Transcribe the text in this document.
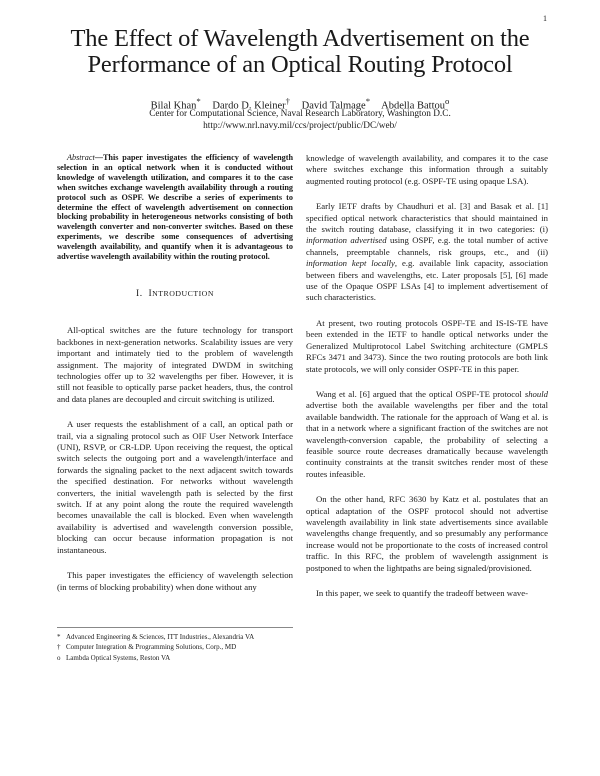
1
The Effect of Wavelength Advertisement on the
Performance of an Optical Routing Protocol
Bilal Khan* Dardo D. Kleiner† David Talmage* Abdella Battou$^o$
Center for Computational Science, Naval Research Laboratory, Washington D.C.
http://www.nrl.navy.mil/ccs/project/public/DC/web/

Abstract—This paper investigates the efficiency of wavelength selection in an optical network when it is conducted without knowledge of wavelength utilization, and compares it to the case when switches exchange wavelength availability through a routing protocol such as OSPF. We describe a series of experiments to determine the effect of wavelength advertisement on connection blocking probability in heterogeneous networks consisting of both wavelength converter and non-converter switches. Based on these experiments, we describe some consequences of advertising wavelength availability, and quantify when it is advantageous to advertise wavelength availability within the routing protocol.

I. INTRODUCTION

All-optical switches are the future technology for transport backbones in next-generation networks. Scalability issues are very important and intimately tied to the problem of wavelength assignment. The majority of integrated DWDM in switching technologies offer up to 32 wavelengths per fiber. However, it is still not feasible to optically parse packet headers, thus, the control and data planes are decoupled and circuit switching is utilized.

A user requests the establishment of a call, an optical path or trail, via a signaling protocol such as OIF User Network Interface (UNI), RSVP, or CR-LDP. Upon receiving the request, the optical switch selects the outgoing port and a wavelength/interface and forwards the signaling packet to the next adjacent switch towards the specified destination. For networks without wavelength converters, the initial wavelength path is selected by the first switch. If at any point along the route the required wavelength becomes unavailable the call is blocked. Even when wavelength availability is advertised and wavelength conversion possible, blocking can occur because information propagation is not instantaneous.

This paper investigates the efficiency of wavelength selection (in terms of blocking probability) when done without any

knowledge of wavelength availability, and compares it to the case where switches exchange this information through a suitably augmented routing protocol (e.g. OSPF-TE using opaque LSA).

Early IETF drafts by Chaudhuri et al. [3] and Basak et al. [1] specified optical network characteristics that should maintained in the switch routing database, classifying it in two categories: (i) information advertised using OSPF, e.g. the total number of active channels, preemptable channels, risk groups, etc., and (ii) information kept locally, e.g. available link capacity, association between fibers and wavelengths, etc. Later proposals [5], [6] made use of the Opaque OSPF LSAs [4] to implement advertisement of such characteristics.

At present, two routing protocols OSPF-TE and IS-IS-TE have been extended in the IETF to handle optical networks under the Generalized Multiprotocol Label Switching architecture (GMPLS RFCs 3471 and 3473). Since the two routing protocols are both link state protocols, we will only consider OSPF-TE in this paper.

Wang et al. [6] argued that the optical OSPF-TE protocol should advertise both the available wavelengths per fiber and the total available bandwidth. The rationale for the approach of Wang et al. is that in a network where a significant fraction of the switches are not wavelength-conversion capable, the probability of selecting a feasible source route decreases dramatically because wavelength continuity constraints at the transit switches render most of these routes infeasible.

On the other hand, RFC 3630 by Katz et al. postulates that an optical adaptation of the OSPF protocol should not advertise wavelength availability in link state advertisements since available wavelengths change frequently, and so presumably any performance increase would not be proportionate to the costs of increased control traffic. In this RFC, the problem of wavelength assignment is postponed to when the lightpaths are being signaled/provisioned.

In this paper, we seek to quantify the tradeoff between wave-

* Advanced Engineering & Sciences, ITT Industries., Alexandria VA
† Computer Integration & Programming Solutions, Corp., MD
o Lambda Optical Systems, Reston VA
